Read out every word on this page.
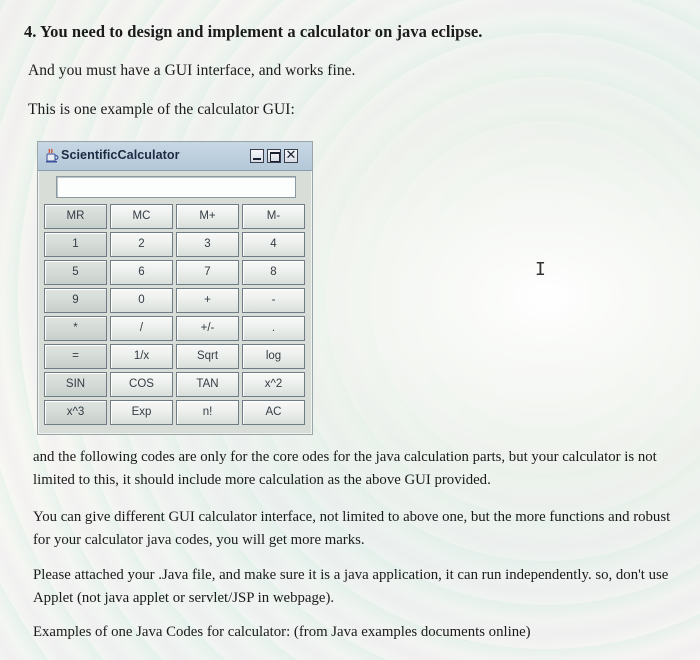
4. You need to design and implement a calculator on java eclipse.
And you must have a GUI interface, and works fine.
This is one example of the calculator GUI:
ScientificCalculator	✕
MR	MC	M+	M-
1	2	3	4
5	6	7	8
9	0	+	-
*	/	+/-	.
=	1/x	Sqrt	log
SIN	COS	TAN	x^2
x^3	Exp	n!	AC
I
and the following codes are only for the core odes for the java calculation parts, but your calculator is not limited to this, it should include more calculation as the above GUI provided.
You can give different GUI calculator interface, not limited to above one, but the more functions and robust for your calculator java codes, you will get more marks.
Please attached your .Java file, and make sure it is a java application, it can run independently. so, don't use Applet (not java applet or servlet/JSP in webpage).
Examples of one Java Codes for calculator: (from Java examples documents online)
